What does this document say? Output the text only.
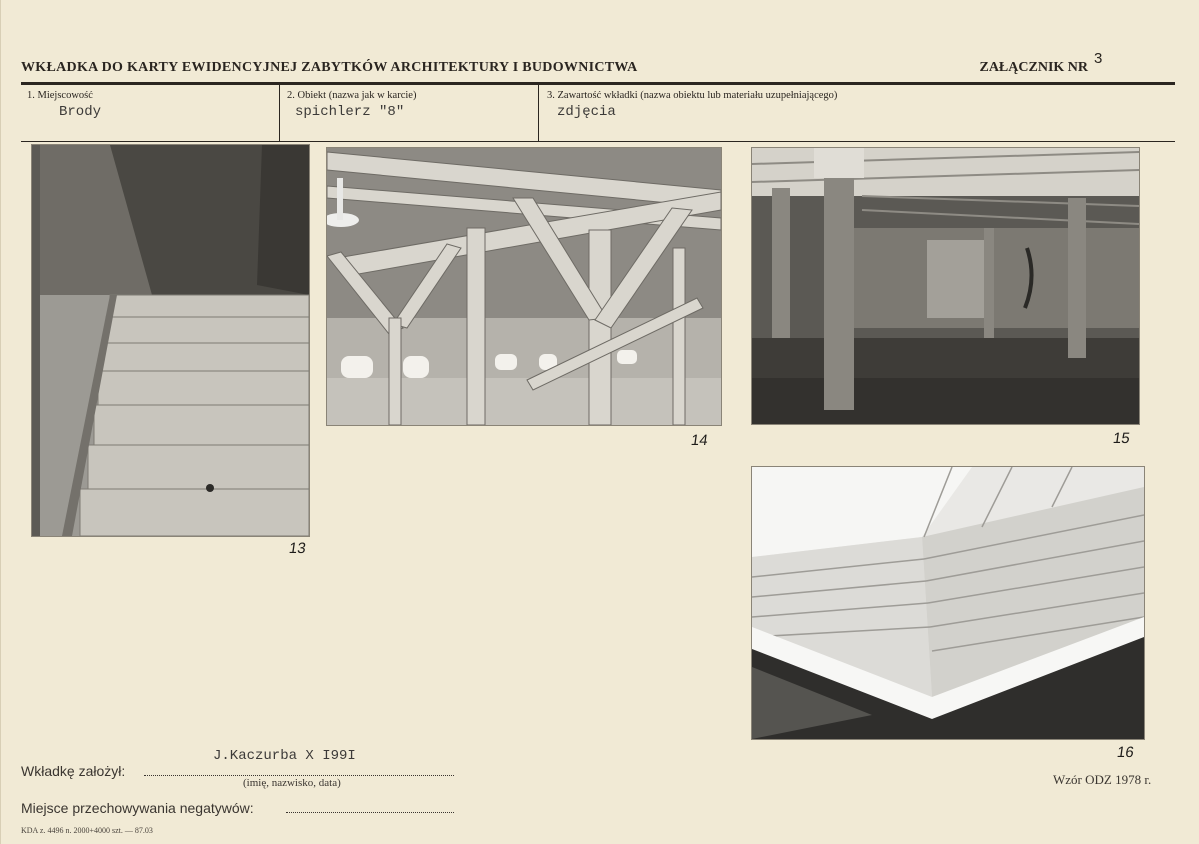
WKŁADKA DO KARTY EWIDENCYJNEJ ZABYTKÓW ARCHITEKTURY I BUDOWNICTWA	ZAŁĄCZNIK NR
3
1. Miejscowość
Brody
2. Obiekt (nazwa jak w karcie)
spichlerz "8"
3. Zawartość wkładki (nazwa obiektu lub materiału uzupełniającego)
zdjęcia
13
14	15
16
Wkładkę założył:
J.Kaczurba X I99I
(imię, nazwisko, data)
Miejsce przechowywania negatywów:
Wzór ODZ 1978 r.
KDA z. 4496 n. 2000+4000 szt. — 87.03
